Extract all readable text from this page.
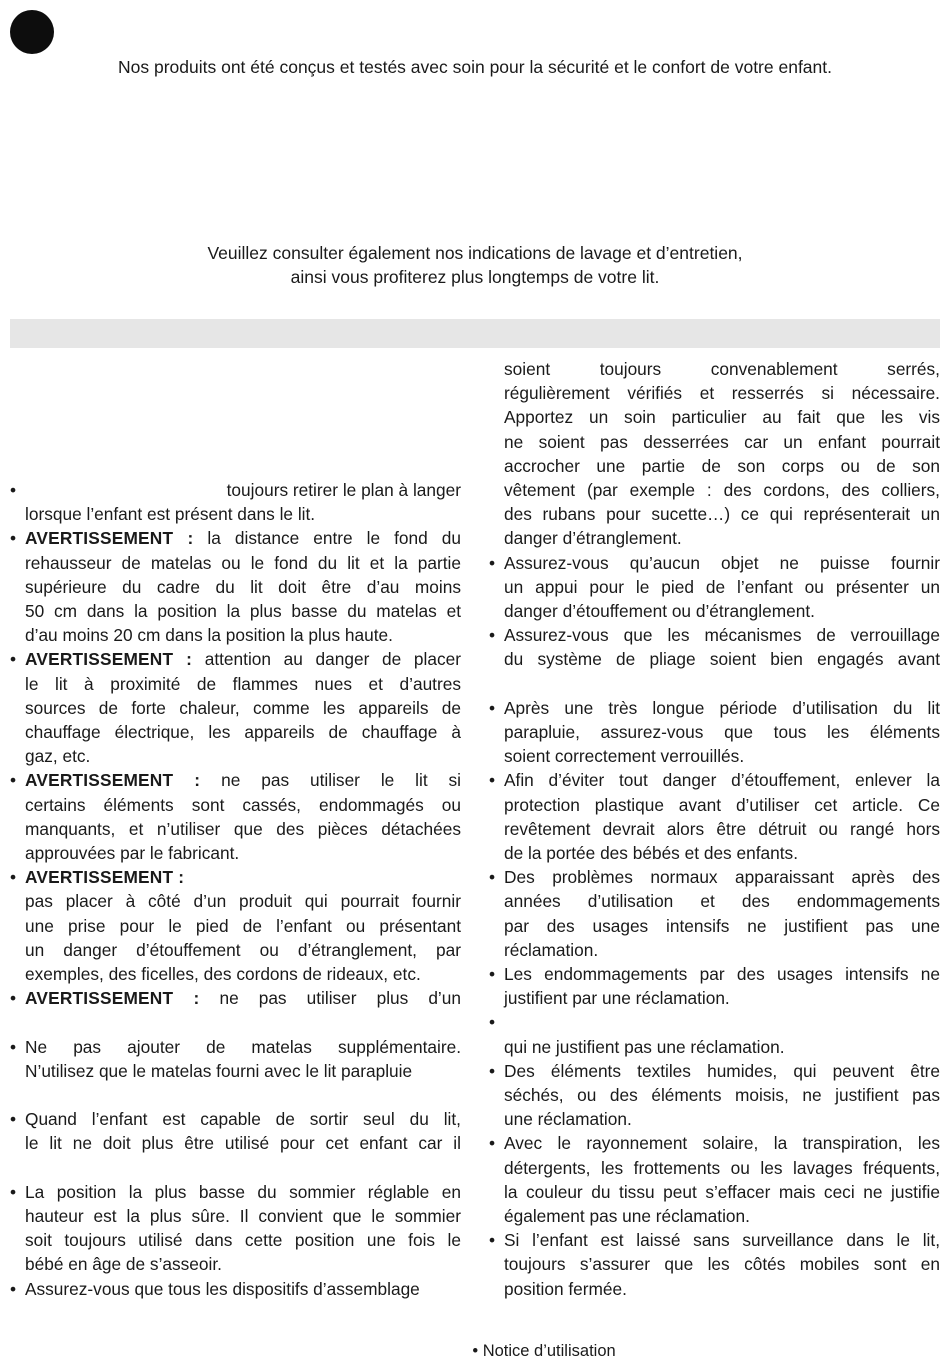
Nos produits ont été conçus et testés avec soin pour la sécurité et le confort de votre enfant.
Veuillez consulter également nos indications de lavage et d’entretien,
ainsi vous profiterez plus longtemps de votre lit.
•	toujours retirer le plan à langer
lorsque l’enfant est présent dans le lit.
• AVERTISSEMENT : la distance entre le fond du
rehausseur de matelas ou le fond du lit et la partie
supérieure du cadre du lit doit être d’au moins
50 cm dans la position la plus basse du matelas et
d’au moins 20 cm dans la position la plus haute.
• AVERTISSEMENT : attention au danger de placer
le lit à proximité de flammes nues et d’autres
sources de forte chaleur, comme les appareils de
chauffage électrique, les appareils de chauffage à
gaz, etc.
• AVERTISSEMENT : ne pas utiliser le lit si
certains éléments sont cassés, endommagés ou
manquants, et n’utiliser que des pièces détachées
approuvées par le fabricant.
• AVERTISSEMENT :
pas placer à côté d’un produit qui pourrait fournir
une prise pour le pied de l’enfant ou présentant
un danger d’étouffement ou d’étranglement, par
exemples, des ficelles, des cordons de rideaux, etc.
• AVERTISSEMENT : ne pas utiliser plus d’un
• Ne pas ajouter de matelas supplémentaire.
N’utilisez que le matelas fourni avec le lit parapluie
• Quand l’enfant est capable de sortir seul du lit,
le lit ne doit plus être utilisé pour cet enfant car il
• La position la plus basse du sommier réglable en
hauteur est la plus sûre. Il convient que le sommier
soit toujours utilisé dans cette position une fois le
bébé en âge de s’asseoir.
• Assurez-vous que tous les dispositifs d’assemblage
soient toujours convenablement serrés,
régulièrement vérifiés et resserrés si nécessaire.
Apportez un soin particulier au fait que les vis
ne soient pas desserrées car un enfant pourrait
accrocher une partie de son corps ou de son
vêtement (par exemple : des cordons, des colliers,
des rubans pour sucette…) ce qui représenterait un
danger d’étranglement.
• Assurez-vous qu’aucun objet ne puisse fournir
un appui pour le pied de l’enfant ou présenter un
danger d’étouffement ou d’étranglement.
• Assurez-vous que les mécanismes de verrouillage
du système de pliage soient bien engagés avant
• Après une très longue période d’utilisation du lit
parapluie, assurez-vous que tous les éléments
soient correctement verrouillés.
• Afin d’éviter tout danger d’étouffement, enlever la
protection plastique avant d’utiliser cet article. Ce
revêtement devrait alors être détruit ou rangé hors
de la portée des bébés et des enfants.
• Des problèmes normaux apparaissant après des
années d’utilisation et des endommagements
par des usages intensifs ne justifient pas une
réclamation.
• Les endommagements par des usages intensifs ne
justifient par une réclamation.
•
qui ne justifient pas une réclamation.
• Des éléments textiles humides, qui peuvent être
séchés, ou des éléments moisis, ne justifient pas
une réclamation.
• Avec le rayonnement solaire, la transpiration, les
détergents, les frottements ou les lavages fréquents,
la couleur du tissu peut s’effacer mais ceci ne justifie
également pas une réclamation.
• Si l’enfant est laissé sans surveillance dans le lit,
toujours s’assurer que les côtés mobiles sont en
position fermée.
• Notice d’utilisation
